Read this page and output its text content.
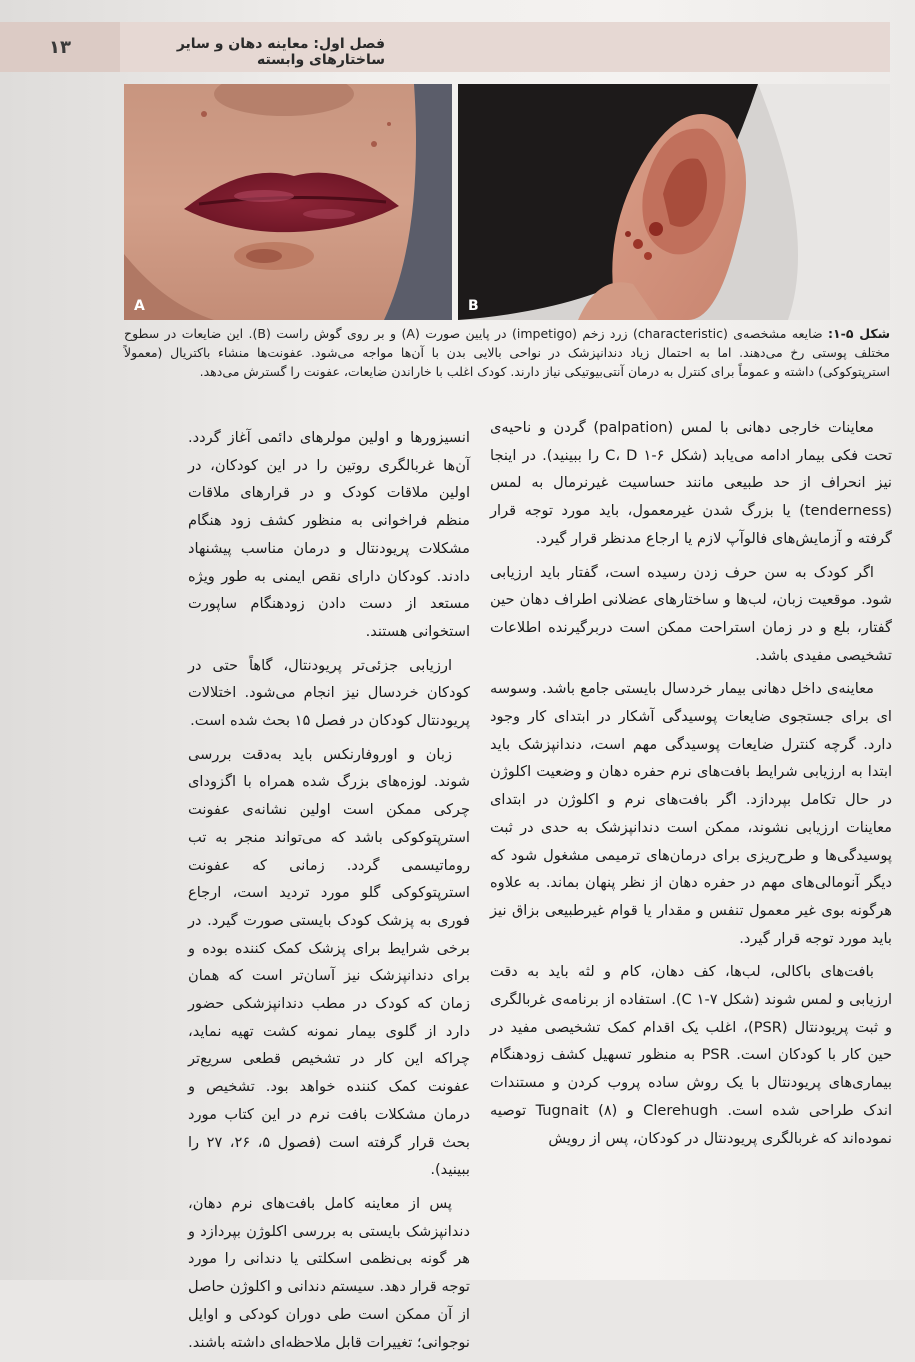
۱۳	فصل اول: معاینه دهان و سایر ساختارهای وابسته
A	B
شکل ۵-۱: ضایعه مشخصه‌ی (characteristic) زرد زخم (impetigo) در پایین صورت (A) و بر روی گوش راست (B). این ضایعات در سطوح مختلف پوستی رخ می‌دهند. اما به احتمال زیاد دندانپزشک در نواحی بالایی بدن با آن‌ها مواجه می‌شود. عفونت‌ها منشاء باکتریال (معمولاً استرپتوکوکی) داشته و عموماً برای کنترل به درمان آنتی‌بیوتیکی نیاز دارند. کودک اغلب با خاراندن ضایعات، عفونت را گسترش می‌دهد.

معاینات خارجی دهانی با لمس (palpation) گردن و ناحیه‌ی تحت فکی بیمار ادامه می‌یابد (شکل ۶-۱ C، D را ببینید). در اینجا نیز انحراف از حد طبیعی مانند حساسیت غیرنرمال به لمس (tenderness) یا بزرگ شدن غیرمعمول، باید مورد توجه قرار گرفته و آزمایش‌های فالوآپ لازم یا ارجاع مدنظر قرار گیرد.

اگر کودک به سن حرف زدن رسیده است، گفتار باید ارزیابی شود. موقعیت زبان، لب‌ها و ساختارهای عضلانی اطراف دهان حین گفتار، بلع و در زمان استراحت ممکن است دربرگیرنده اطلاعات تشخیصی مفیدی باشد.

معاینه‌ی داخل دهانی بیمار خردسال بایستی جامع باشد. وسوسه ای برای جستجوی ضایعات پوسیدگی آشکار در ابتدای کار وجود دارد. گرچه کنترل ضایعات پوسیدگی مهم است، دندانپزشک باید ابتدا به ارزیابی شرایط بافت‌های نرم حفره دهان و وضعیت اکلوژن در حال تکامل بپردازد. اگر بافت‌های نرم و اکلوژن در ابتدای معاینات ارزیابی نشوند، ممکن است دندانپزشک به حدی در ثبت پوسیدگی‌ها و طرح‌ریزی برای درمان‌های ترمیمی مشغول شود که دیگر آنومالی‌های مهم در حفره دهان از نظر پنهان بماند. به علاوه هرگونه بوی غیر معمول تنفس و مقدار یا قوام غیرطبیعی بزاق نیز باید مورد توجه قرار گیرد.

بافت‌های باکالی، لب‌ها، کف دهان، کام و لثه باید به دقت ارزیابی و لمس شوند (شکل ۷-۱ C). استفاده از برنامه‌ی غربالگری و ثبت پریودنتال (PSR)، اغلب یک اقدام کمک تشخیصی مفید در حین کار با کودکان است. PSR به منظور تسهیل کشف زودهنگام بیماری‌های پریودنتال با یک روش ساده پروب کردن و مستندات اندک طراحی شده است. Clerehugh و Tugnait (۸) توصیه نموده‌اند که غربالگری پریودنتال در کودکان، پس از رویش

انسیزورها و اولین مولرهای دائمی آغاز گردد. آن‌ها غربالگری روتین را در این کودکان، در اولین ملاقات کودک و در قرارهای ملاقات منظم فراخوانی به منظور کشف زود هنگام مشکلات پریودنتال و درمان مناسب پیشنهاد دادند. کودکان دارای نقص ایمنی به طور ویژه مستعد از دست دادن زودهنگام ساپورت استخوانی هستند.

ارزیابی جزئی‌تر پریودنتال، گاهاً حتی در کودکان خردسال نیز انجام می‌شود. اختلالات پریودنتال کودکان در فصل ۱۵ بحث شده است.

زبان و اوروفارنکس باید به‌دقت بررسی شوند. لوزه‌های بزرگ شده همراه با اگزودای چرکی ممکن است اولین نشانه‌ی عفونت استرپتوکوکی باشد که می‌تواند منجر به تب روماتیسمی گردد. زمانی که عفونت استرپتوکوکی گلو مورد تردید است، ارجاع فوری به پزشک کودک بایستی صورت گیرد. در برخی شرایط برای پزشک کمک کننده بوده و برای دندانپزشک نیز آسان‌تر است که همان زمان که کودک در مطب دندانپزشکی حضور دارد از گلوی بیمار نمونه کشت تهیه نماید، چراکه این کار در تشخیص قطعی سریع‌تر عفونت کمک کننده خواهد بود. تشخیص و درمان مشکلات بافت نرم در این کتاب مورد بحث قرار گرفته است (فصول ۵، ۲۶، ۲۷ را ببینید).

پس از معاینه کامل بافت‌های نرم دهان، دندانپزشک بایستی به بررسی اکلوژن بپردازد و هر گونه بی‌نظمی اسکلتی یا دندانی را مورد توجه قرار دهد. سیستم دندانی و اکلوژن حاصل از آن ممکن است طی دوران کودکی و اوایل نوجوانی؛ تغییرات قابل ملاحظه‌ای داشته باشند.
